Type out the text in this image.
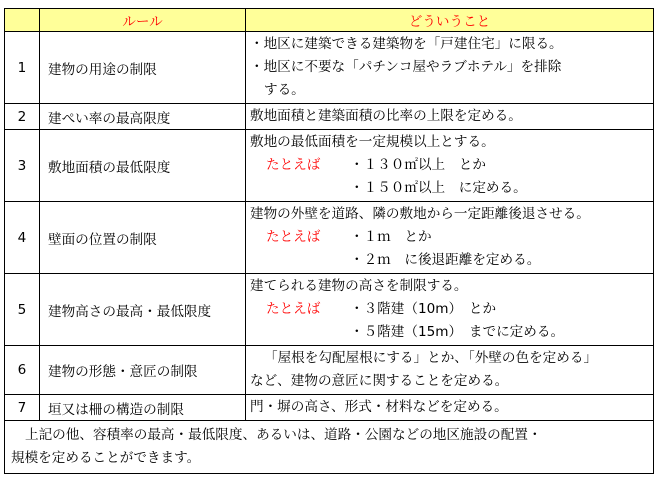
	ルール	どういうこと
1	建物の用途の制限	・地区に建築できる建築物を「戸建住宅」に限る。
・地区に不要な「パチンコ屋やラブホテル」を排除
する。

2	建ぺい率の最高限度	敷地面積と建築面積の比率の上限を定める。

3	敷地面積の最低限度	敷地の最低面積を一定規模以上とする。
たとえば ・１３０㎡以上　とか
・１５０㎡以上　に定める。

4	壁面の位置の制限	建物の外壁を道路、隣の敷地から一定距離後退させる。
たとえば ・１ｍ　とか
・２ｍ　に後退距離を定める。

5	建物高さの最高・最低限度	建てられる建物の高さを制限する。
たとえば ・３階建（10m）　とか
・５階建（15m）　までに定める。

6	建物の形態・意匠の制限	「屋根を勾配屋根にする」とか、「外壁の色を定める」
など、建物の意匠に関することを定める。

7	垣又は柵の構造の制限	門・塀の高さ、形式・材料などを定める。

上記の他、容積率の最高・最低限度、あるいは、道路・公園などの地区施設の配置・
規模を定めることができます。		
